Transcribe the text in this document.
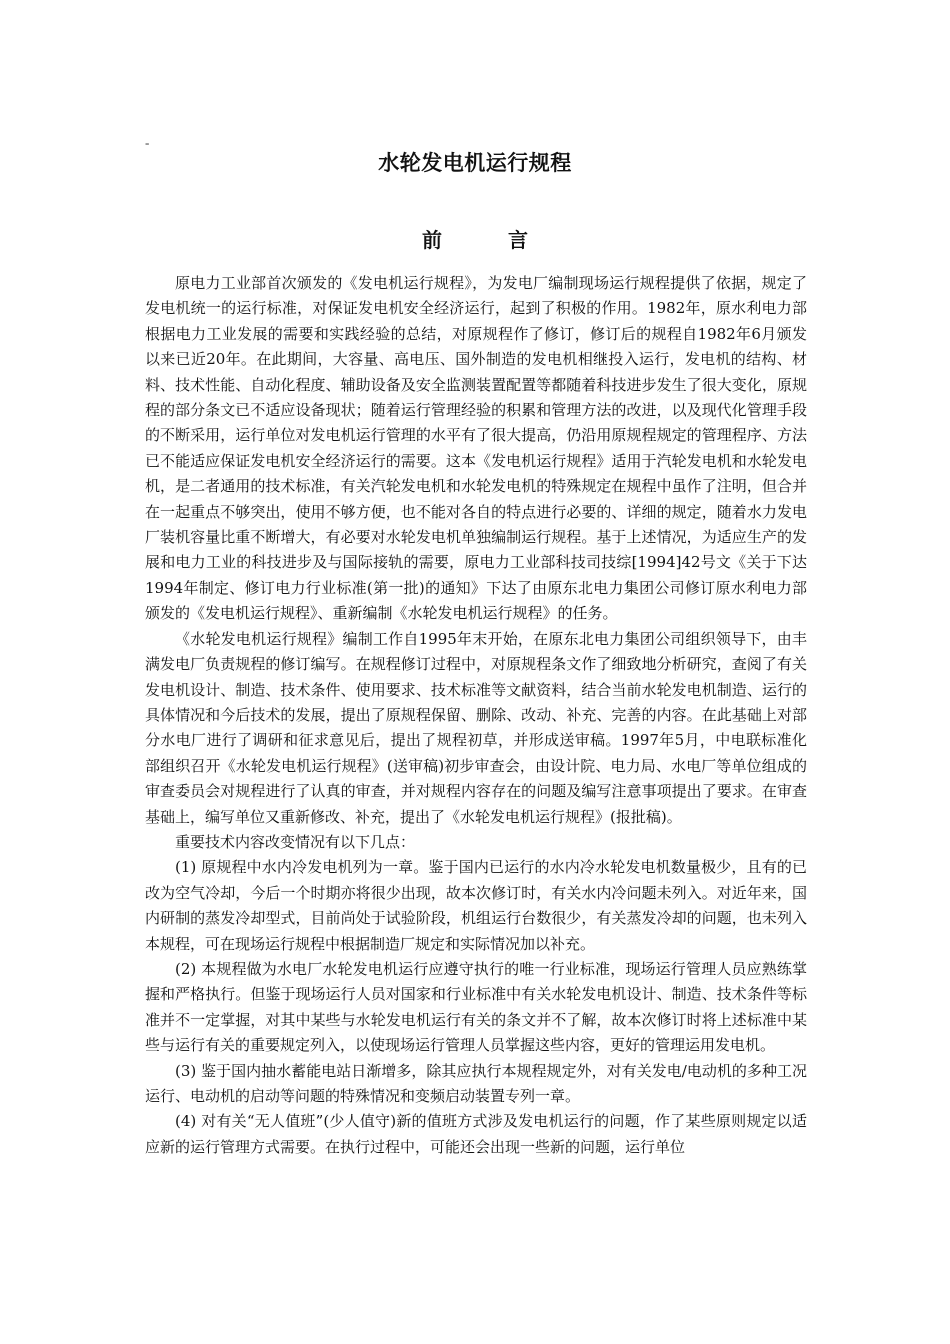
-
水轮发电机运行规程
前	言

原电力工业部首次颁发的《发电机运行规程》，为发电厂编制现场运行规程提供了依据，规定了发电机统一的运行标准，对保证发电机安全经济运行，起到了积极的作用。1982年，原水利电力部根据电力工业发展的需要和实践经验的总结，对原规程作了修订，修订后的规程自1982年6月颁发以来已近20年。在此期间，大容量、高电压、国外制造的发电机相继投入运行，发电机的结构、材料、技术性能、自动化程度、辅助设备及安全监测装置配置等都随着科技进步发生了很大变化，原规程的部分条文已不适应设备现状；随着运行管理经验的积累和管理方法的改进，以及现代化管理手段的不断采用，运行单位对发电机运行管理的水平有了很大提高，仍沿用原规程规定的管理程序、方法已不能适应保证发电机安全经济运行的需要。这本《发电机运行规程》适用于汽轮发电机和水轮发电机，是二者通用的技术标准，有关汽轮发电机和水轮发电机的特殊规定在规程中虽作了注明，但合并在一起重点不够突出，使用不够方便，也不能对各自的特点进行必要的、详细的规定，随着水力发电厂装机容量比重不断增大，有必要对水轮发电机单独编制运行规程。基于上述情况，为适应生产的发展和电力工业的科技进步及与国际接轨的需要，原电力工业部科技司技综[1994]42号文《关于下达1994年制定、修订电力行业标准(第一批)的通知》下达了由原东北电力集团公司修订原水利电力部颁发的《发电机运行规程》、重新编制《水轮发电机运行规程》的任务。

《水轮发电机运行规程》编制工作自1995年末开始，在原东北电力集团公司组织领导下，由丰满发电厂负责规程的修订编写。在规程修订过程中，对原规程条文作了细致地分析研究，查阅了有关发电机设计、制造、技术条件、使用要求、技术标准等文献资料，结合当前水轮发电机制造、运行的具体情况和今后技术的发展，提出了原规程保留、删除、改动、补充、完善的内容。在此基础上对部分水电厂进行了调研和征求意见后，提出了规程初草，并形成送审稿。1997年5月，中电联标准化部组织召开《水轮发电机运行规程》(送审稿)初步审查会，由设计院、电力局、水电厂等单位组成的审查委员会对规程进行了认真的审查，并对规程内容存在的问题及编写注意事项提出了要求。在审查基础上，编写单位又重新修改、补充，提出了《水轮发电机运行规程》(报批稿)。

重要技术内容改变情况有以下几点：

(1) 原规程中水内冷发电机列为一章。鉴于国内已运行的水内冷水轮发电机数量极少，且有的已改为空气冷却，今后一个时期亦将很少出现，故本次修订时，有关水内冷问题未列入。对近年来，国内研制的蒸发冷却型式，目前尚处于试验阶段，机组运行台数很少，有关蒸发冷却的问题，也未列入本规程，可在现场运行规程中根据制造厂规定和实际情况加以补充。

(2) 本规程做为水电厂水轮发电机运行应遵守执行的唯一行业标准，现场运行管理人员应熟练掌握和严格执行。但鉴于现场运行人员对国家和行业标准中有关水轮发电机设计、制造、技术条件等标准并不一定掌握，对其中某些与水轮发电机运行有关的条文并不了解，故本次修订时将上述标准中某些与运行有关的重要规定列入，以使现场运行管理人员掌握这些内容，更好的管理运用发电机。

(3) 鉴于国内抽水蓄能电站日渐增多，除其应执行本规程规定外，对有关发电/电动机的多种工况运行、电动机的启动等问题的特殊情况和变频启动装置专列一章。

(4) 对有关“无人值班”(少人值守)新的值班方式涉及发电机运行的问题，作了某些原则规定以适应新的运行管理方式需要。在执行过程中，可能还会出现一些新的问题，运行单位
